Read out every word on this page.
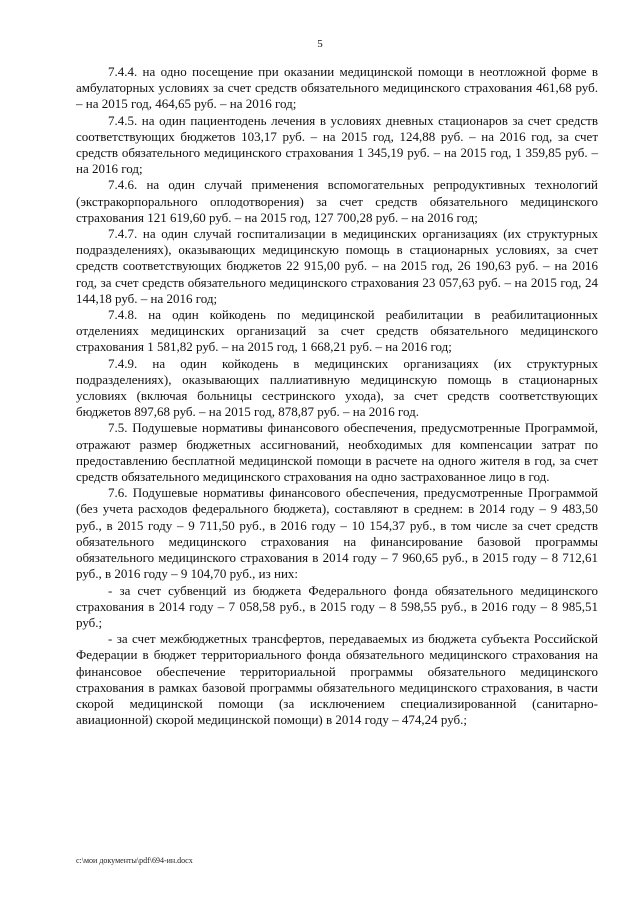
5

7.4.4. на одно посещение при оказании медицинской помощи в неотложной форме в амбулаторных условиях за счет средств обязательного медицинского страхования 461,68 руб. – на 2015 год, 464,65 руб. – на 2016 год;

7.4.5. на один пациентодень лечения в условиях дневных стационаров за счет средств соответствующих бюджетов 103,17 руб. – на 2015 год, 124,88 руб. – на 2016 год, за счет средств обязательного медицинского страхования 1 345,19 руб. – на 2015 год, 1 359,85 руб. – на 2016 год;

7.4.6. на один случай применения вспомогательных репродуктивных технологий (экстракорпорального оплодотворения) за счет средств обязательного медицинского страхования 121 619,60 руб. – на 2015 год, 127 700,28 руб. – на 2016 год;

7.4.7. на один случай госпитализации в медицинских организациях (их структурных подразделениях), оказывающих медицинскую помощь в стационарных условиях, за счет средств соответствующих бюджетов 22 915,00 руб. – на 2015 год, 26 190,63 руб. – на 2016 год, за счет средств обязательного медицинского страхования 23 057,63 руб. – на 2015 год, 24 144,18 руб. – на 2016 год;

7.4.8. на один койкодень по медицинской реабилитации в реабилитационных отделениях медицинских организаций за счет средств обязательного медицинского страхования 1 581,82 руб. – на 2015 год, 1 668,21 руб. – на 2016 год;

7.4.9. на один койкодень в медицинских организациях (их структурных подразделениях), оказывающих паллиативную медицинскую помощь в стационарных условиях (включая больницы сестринского ухода), за счет средств соответствующих бюджетов 897,68 руб. – на 2015 год, 878,87 руб. – на 2016 год.

7.5. Подушевые нормативы финансового обеспечения, предусмотренные Программой, отражают размер бюджетных ассигнований, необходимых для компенсации затрат по предоставлению бесплатной медицинской помощи в расчете на одного жителя в год, за счет средств обязательного медицинского страхования на одно застрахованное лицо в год.

7.6. Подушевые нормативы финансового обеспечения, предусмотренные Программой (без учета расходов федерального бюджета), составляют в среднем: в 2014 году – 9 483,50 руб., в 2015 году – 9 711,50 руб., в 2016 году – 10 154,37 руб., в том числе за счет средств обязательного медицинского страхования на финансирование базовой программы обязательного медицинского страхования в 2014 году – 7 960,65 руб., в 2015 году – 8 712,61 руб., в 2016 году – 9 104,70 руб., из них:

- за счет субвенций из бюджета Федерального фонда обязательного медицинского страхования в 2014 году – 7 058,58 руб., в 2015 году – 8 598,55 руб., в 2016 году – 8 985,51 руб.;

- за счет межбюджетных трансфертов, передаваемых из бюджета субъекта Российской Федерации в бюджет территориального фонда обязательного медицинского страхования на финансовое обеспечение территориальной программы обязательного медицинского страхования в рамках базовой программы обязательного медицинского страхования, в части скорой медицинской помощи (за исключением специализированной (санитарно-авиационной) скорой медицинской помощи) в 2014 году – 474,24 руб.;

c:\мои документы\pdf\694-ин.docx
